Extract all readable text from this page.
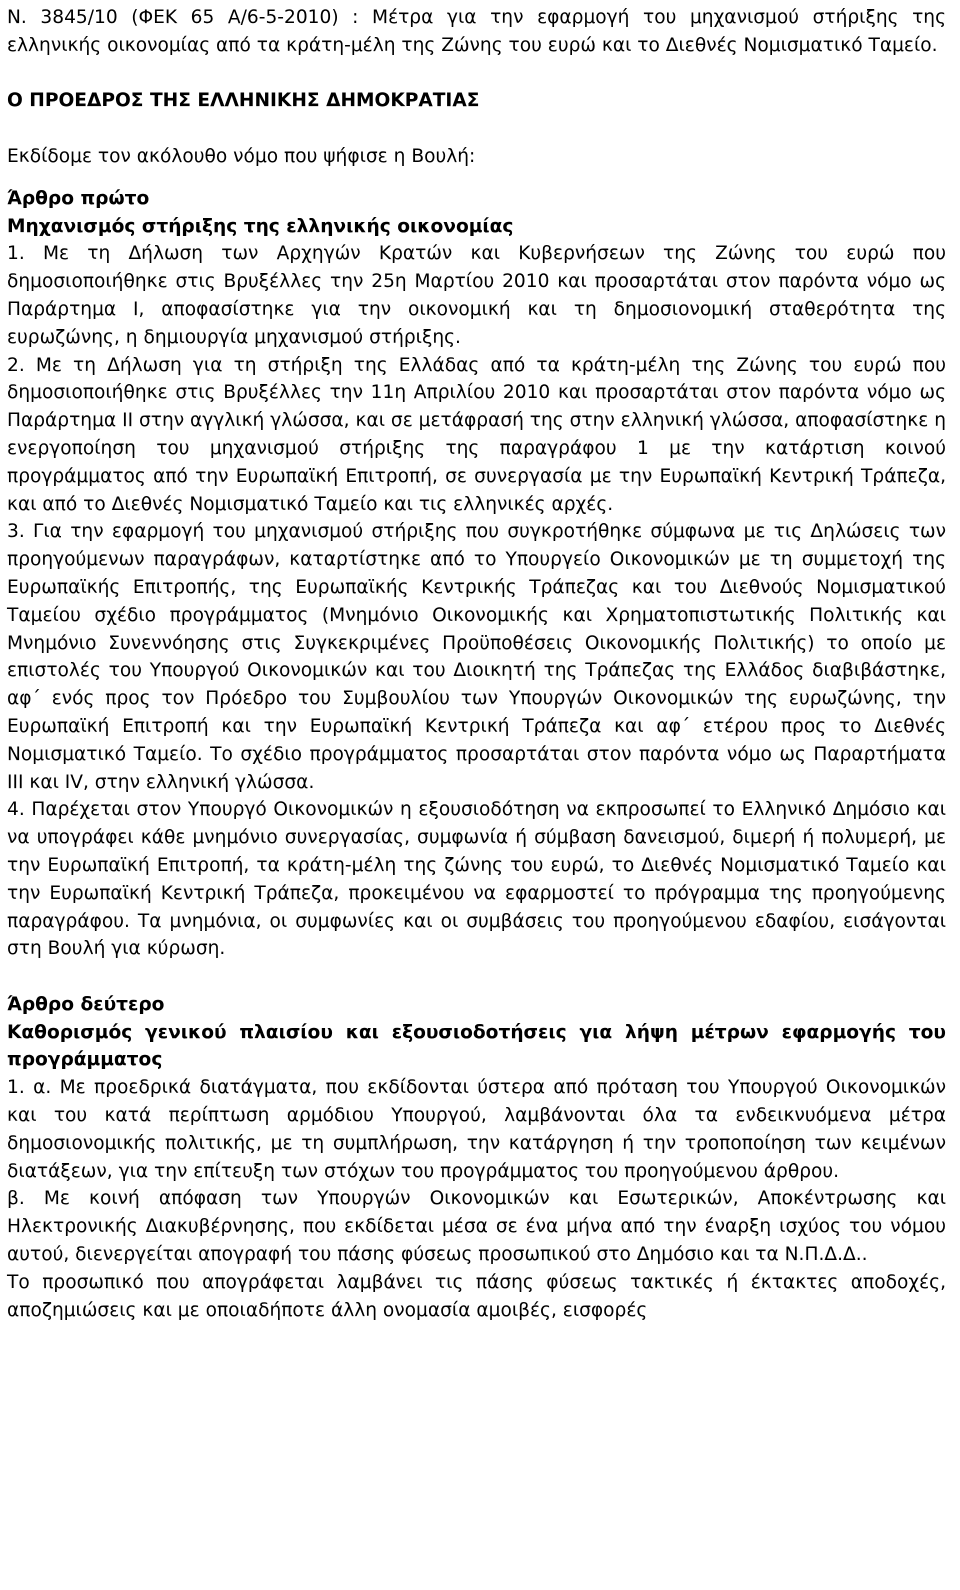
Ν. 3845/10 (ΦΕΚ 65 Α/6-5-2010) : Μέτρα για την εφαρμογή του μηχανισμού στήριξης της ελληνικής οικονομίας από τα κράτη-μέλη της Ζώνης του ευρώ και το Διεθνές Νομισματικό Ταμείο.

Ο ΠΡΟΕΔΡΟΣ ΤΗΣ ΕΛΛΗΝΙΚΗΣ ΔΗΜΟΚΡΑΤΙΑΣ

Εκδίδομε τον ακόλουθο νόμο που ψήφισε η Βουλή:

Άρθρο πρώτο

Μηχανισμός στήριξης της ελληνικής οικονομίας

1. Με τη Δήλωση των Αρχηγών Κρατών και Κυβερνήσεων της Ζώνης του ευρώ που δημοσιοποιήθηκε στις Βρυξέλλες την 25η Μαρτίου 2010 και προσαρτάται στον παρόντα νόμο ως Παράρτημα Ι, αποφασίστηκε για την οικονομική και τη δημοσιονομική σταθερότητα της ευρωζώνης, η δημιουργία μηχανισμού στήριξης.

2. Με τη Δήλωση για τη στήριξη της Ελλάδας από τα κράτη-μέλη της Ζώνης του ευρώ που δημοσιοποιήθηκε στις Βρυξέλλες την 11η Απριλίου 2010 και προσαρτάται στον παρόντα νόμο ως Παράρτημα ΙΙ στην αγγλική γλώσσα, και σε μετάφρασή της στην ελληνική γλώσσα, αποφασίστηκε η ενεργοποίηση του μηχανισμού στήριξης της παραγράφου 1 με την κατάρτιση κοινού προγράμματος από την Ευρωπαϊκή Επιτροπή, σε συνεργασία με την Ευρωπαϊκή Κεντρική Τράπεζα, και από το Διεθνές Νομισματικό Ταμείο και τις ελληνικές αρχές.

3. Για την εφαρμογή του μηχανισμού στήριξης που συγκροτήθηκε σύμφωνα με τις Δηλώσεις των προηγούμενων παραγράφων, καταρτίστηκε από το Υπουργείο Οικονομικών με τη συμμετοχή της Ευρωπαϊκής Επιτροπής, της Ευρωπαϊκής Κεντρικής Τράπεζας και του Διεθνούς Νομισματικού Ταμείου σχέδιο προγράμματος (Μνημόνιο Οικονομικής και Χρηματοπιστωτικής Πολιτικής και Μνημόνιο Συνεννόησης στις Συγκεκριμένες Προϋποθέσεις Οικονομικής Πολιτικής) το οποίο με επιστολές του Υπουργού Οικονομικών και του Διοικητή της Τράπεζας της Ελλάδος διαβιβάστηκε, αφ΄ ενός προς τον Πρόεδρο του Συμβουλίου των Υπουργών Οικονομικών της ευρωζώνης, την Ευρωπαϊκή Επιτροπή και την Ευρωπαϊκή Κεντρική Τράπεζα και αφ΄ ετέρου προς το Διεθνές Νομισματικό Ταμείο. Το σχέδιο προγράμματος προσαρτάται στον παρόντα νόμο ως Παραρτήματα ΙΙΙ και IV, στην ελληνική γλώσσα.

4. Παρέχεται στον Υπουργό Οικονομικών η εξουσιοδότηση να εκπροσωπεί το Ελληνικό Δημόσιο και να υπογράφει κάθε μνημόνιο συνεργασίας, συμφωνία ή σύμβαση δανεισμού, διμερή ή πολυμερή, με την Ευρωπαϊκή Επιτροπή, τα κράτη-μέλη της ζώνης του ευρώ, το Διεθνές Νομισματικό Ταμείο και την Ευρωπαϊκή Κεντρική Τράπεζα, προκειμένου να εφαρμοστεί το πρόγραμμα της προηγούμενης παραγράφου. Τα μνημόνια, οι συμφωνίες και οι συμβάσεις του προηγούμενου εδαφίου, εισάγονται στη Βουλή για κύρωση.

Άρθρο δεύτερο

Καθορισμός γενικού πλαισίου και εξουσιοδοτήσεις για λήψη μέτρων εφαρμογής του προγράμματος

1. α. Με προεδρικά διατάγματα, που εκδίδονται ύστερα από πρόταση του Υπουργού Οικονομικών και του κατά περίπτωση αρμόδιου Υπουργού, λαμβάνονται όλα τα ενδεικνυόμενα μέτρα δημοσιονομικής πολιτικής, με τη συμπλήρωση, την κατάργηση ή την τροποποίηση των κειμένων διατάξεων, για την επίτευξη των στόχων του προγράμματος του προηγούμενου άρθρου.

β. Με κοινή απόφαση των Υπουργών Οικονομικών και Εσωτερικών, Αποκέντρωσης και Ηλεκτρονικής Διακυβέρνησης, που εκδίδεται μέσα σε ένα μήνα από την έναρξη ισχύος του νόμου αυτού, διενεργείται απογραφή του πάσης φύσεως προσωπικού στο Δημόσιο και τα Ν.Π.Δ.Δ..

Το προσωπικό που απογράφεται λαμβάνει τις πάσης φύσεως τακτικές ή έκτακτες αποδοχές, αποζημιώσεις και με οποιαδήποτε άλλη ονομασία αμοιβές, εισφορές
